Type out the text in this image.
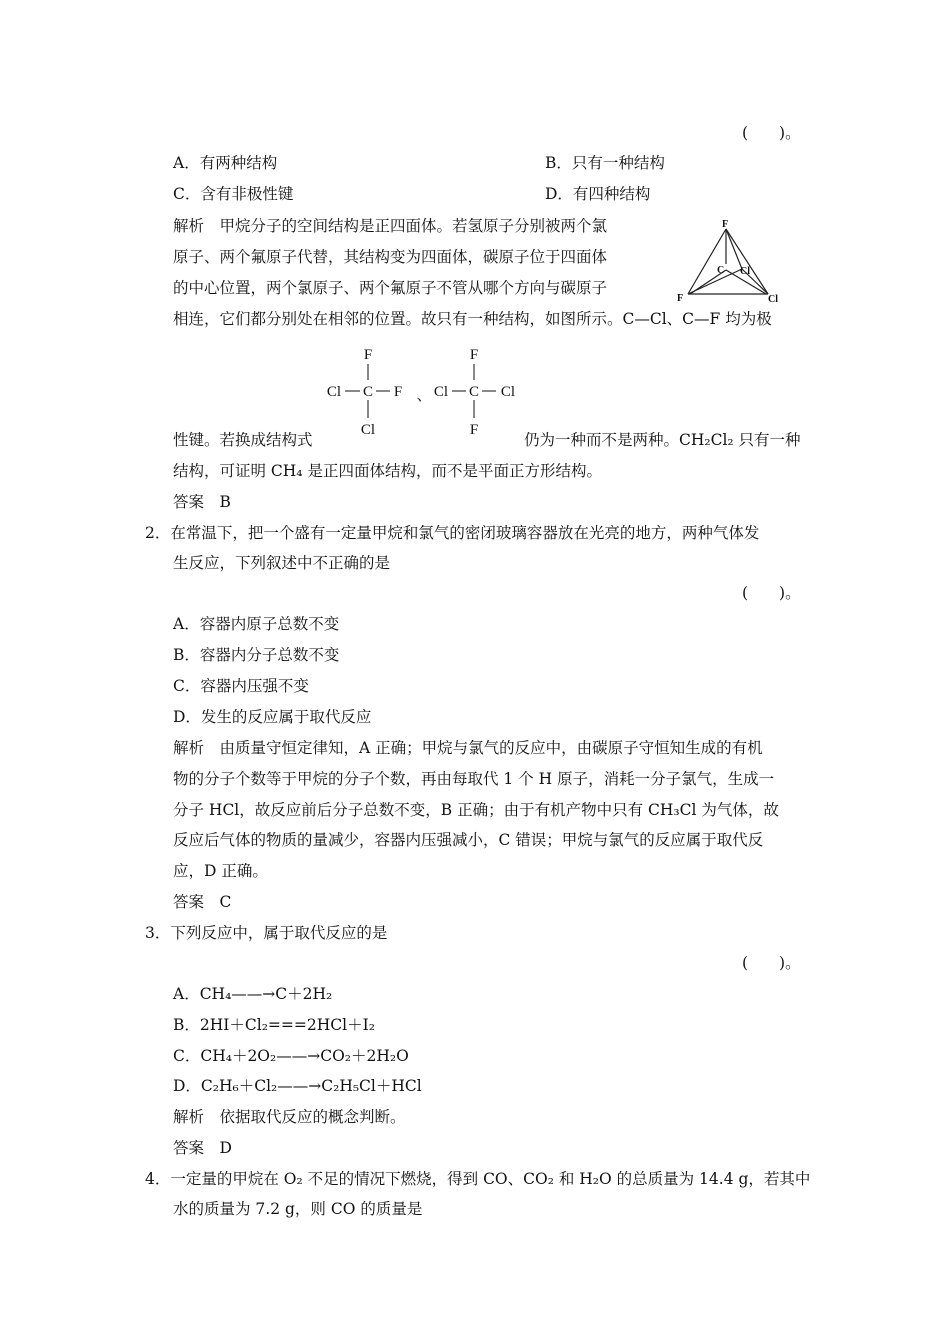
(　　)。
A．有两种结构	B．只有一种结构
C．含有非极性键	D．有四种结构
解析　甲烷分子的空间结构是正四面体。若氢原子分别被两个氯
原子、两个氟原子代替，其结构变为四面体，碳原子位于四面体
的中心位置，两个氯原子、两个氟原子不管从哪个方向与碳原子
相连，它们都分别处在相邻的位置。故只有一种结构，如图所示。C—Cl、C—F 均为极
F
C Cl
F	Cl
F
Cl C F
Cl
、
F
Cl C Cl
F
性键。若换成结构式	仍为一种而不是两种。CH₂Cl₂ 只有一种
结构，可证明 CH₄ 是正四面体结构，而不是平面正方形结构。
答案　B
2．在常温下，把一个盛有一定量甲烷和氯气的密闭玻璃容器放在光亮的地方，两种气体发
生反应，下列叙述中不正确的是
(　　)。
A．容器内原子总数不变
B．容器内分子总数不变
C．容器内压强不变
D．发生的反应属于取代反应
解析　由质量守恒定律知，A 正确；甲烷与氯气的反应中，由碳原子守恒知生成的有机
物的分子个数等于甲烷的分子个数，再由每取代 1 个 H 原子，消耗一分子氯气，生成一
分子 HCl，故反应前后分子总数不变，B 正确；由于有机产物中只有 CH₃Cl 为气体，故
反应后气体的物质的量减少，容器内压强减小，C 错误；甲烷与氯气的反应属于取代反
应，D 正确。
答案　C
3．下列反应中，属于取代反应的是
(　　)。
A．CH₄——→C＋2H₂
B．2HI＋Cl₂===2HCl＋I₂
C．CH₄＋2O₂——→CO₂＋2H₂O
D．C₂H₆＋Cl₂——→C₂H₅Cl＋HCl
解析　依据取代反应的概念判断。
答案　D
4．一定量的甲烷在 O₂ 不足的情况下燃烧，得到 CO、CO₂ 和 H₂O 的总质量为 14.4 g，若其中
水的质量为 7.2 g，则 CO 的质量是
